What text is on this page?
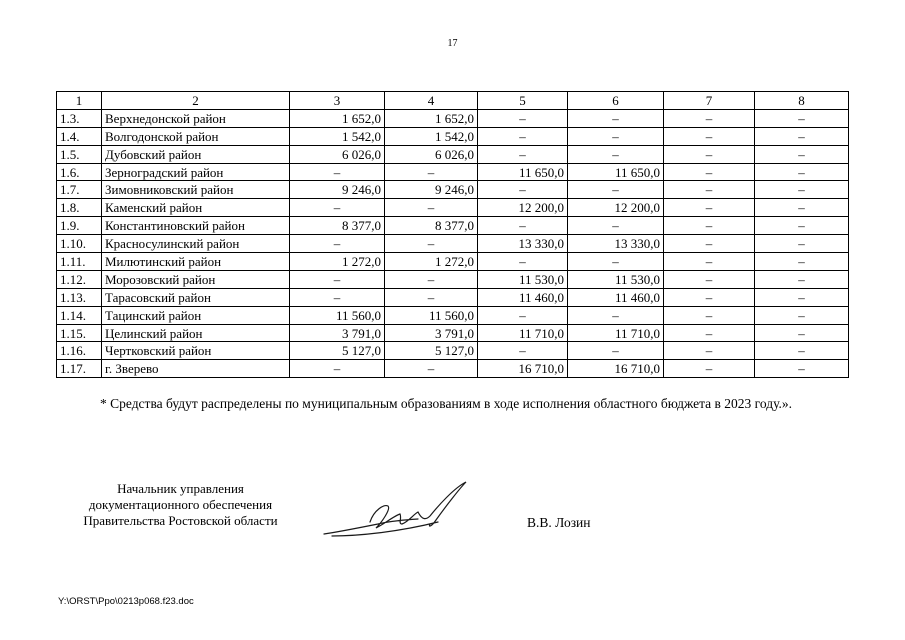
17
1	2	3	4	5	6	7	8
1.3.	Верхнедонской район	1 652,0	1 652,0	–	–	–	–
1.4.	Волгодонской район	1 542,0	1 542,0	–	–	–	–
1.5.	Дубовский район	6 026,0	6 026,0	–	–	–	–
1.6.	Зерноградский район	–	–	11 650,0	11 650,0	–	–
1.7.	Зимовниковский район	9 246,0	9 246,0	–	–	–	–
1.8.	Каменский район	–	–	12 200,0	12 200,0	–	–
1.9.	Константиновский район	8 377,0	8 377,0	–	–	–	–
1.10.	Красносулинский район	–	–	13 330,0	13 330,0	–	–
1.11.	Милютинский район	1 272,0	1 272,0	–	–	–	–
1.12.	Морозовский район	–	–	11 530,0	11 530,0	–	–
1.13.	Тарасовский район	–	–	11 460,0	11 460,0	–	–
1.14.	Тацинский район	11 560,0	11 560,0	–	–	–	–
1.15.	Целинский район	3 791,0	3 791,0	11 710,0	11 710,0	–	–
1.16.	Чертковский район	5 127,0	5 127,0	–	–	–	–
1.17.	г. Зверево	–	–	16 710,0	16 710,0	–	–
* Средства будут распределены по муниципальным образованиям в ходе исполнения областного бюджета в 2023 году.».
Начальник управления
документационного обеспечения
Правительства Ростовской области	В.В. Лозин
Y:\ORST\Ppo\0213p068.f23.doc
